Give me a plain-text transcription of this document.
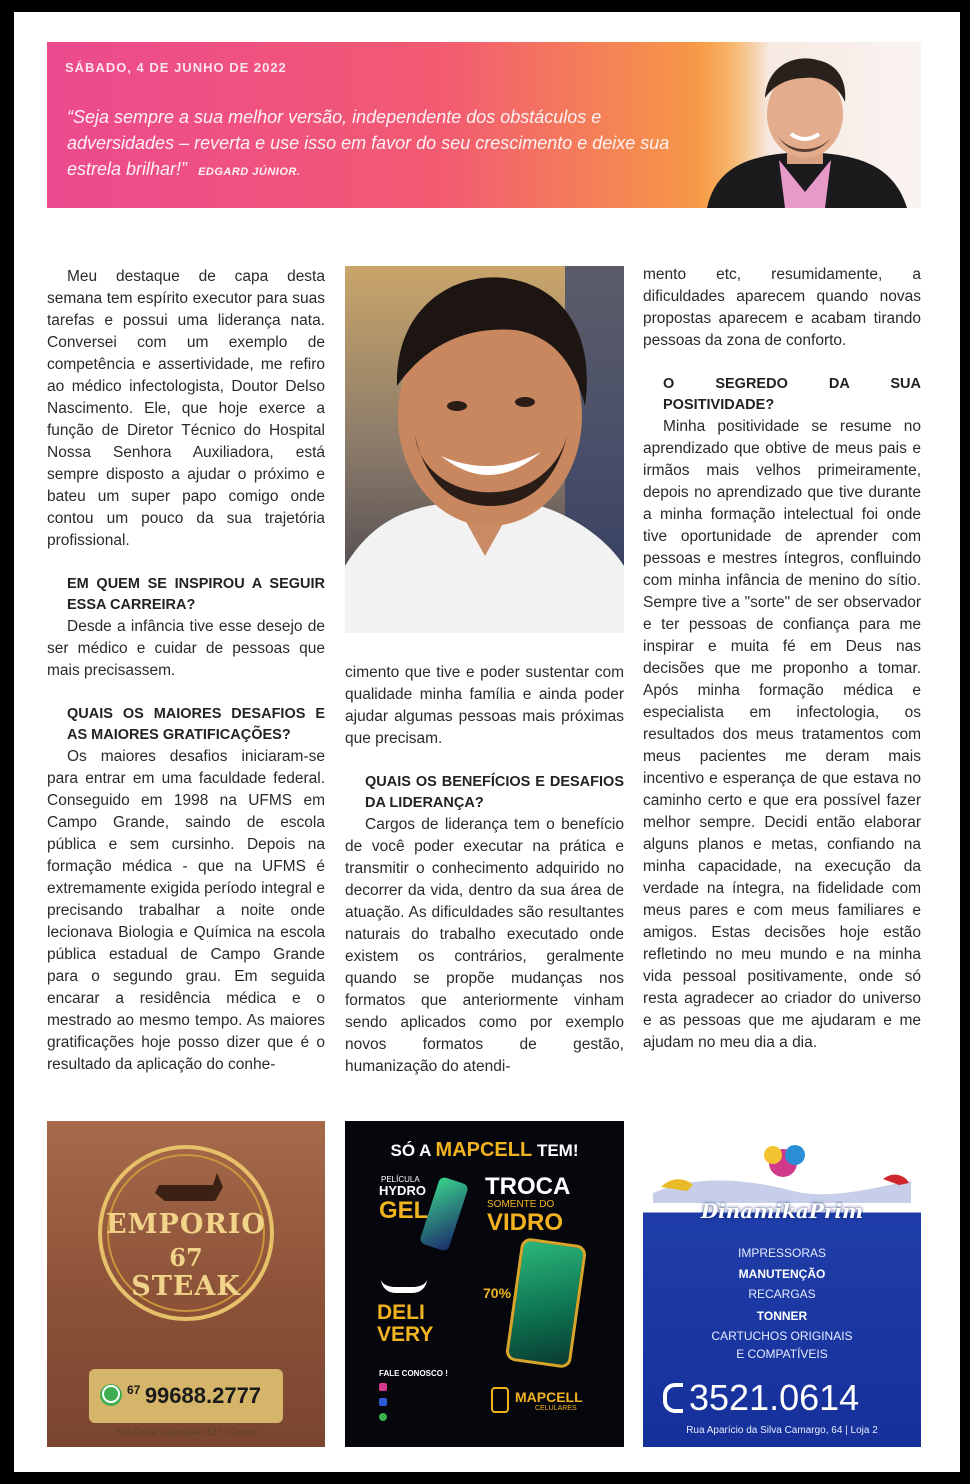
SÁBADO, 4 DE JUNHO DE 2022
“Seja sempre a sua melhor versão, independente dos obstáculos e adversidades – reverta e use isso em favor do seu crescimento e deixe sua estrela brilhar!” EDGARD JÚNIOR.

Meu destaque de capa desta semana tem espírito executor para suas tarefas e possui uma liderança nata. Conversei com um exemplo de competência e assertividade, me refiro ao médico infectologista, Doutor Delso Nascimento. Ele, que hoje exerce a função de Diretor Técnico do Hospital Nossa Senhora Auxiliadora, está sempre disposto a ajudar o próximo e bateu um super papo comigo onde contou um pouco da sua trajetória profissional.

EM QUEM SE INSPIROU A SEGUIR ESSA CARREIRA?

Desde a infância tive esse desejo de ser médico e cuidar de pessoas que mais precisassem.

QUAIS OS MAIORES DESAFIOS E AS MAIORES GRATIFICAÇÕES?

Os maiores desafios iniciaram-se para entrar em uma faculdade federal. Conseguido em 1998 na UFMS em Campo Grande, saindo de escola pública e sem cursinho. Depois na formação médica - que na UFMS é extremamente exigida período integral e precisando trabalhar a noite onde lecionava Biologia e Química na escola pública estadual de Campo Grande para o segundo grau. Em seguida encarar a residência médica e o mestrado ao mesmo tempo. As maiores gratificações hoje posso dizer que é o resultado da aplicação do conhe-

cimento que tive e poder sustentar com qualidade minha família e ainda poder ajudar algumas pessoas mais próximas que precisam.

QUAIS OS BENEFÍCIOS E DESAFIOS DA LIDERANÇA?

Cargos de liderança tem o benefício de você poder executar na prática e transmitir o conhecimento adquirido no decorrer da vida, dentro da sua área de atuação. As dificuldades são resultantes naturais do trabalho executado onde existem os contrários, geralmente quando se propõe mudanças nos formatos que anteriormente vinham sendo aplicados como por exemplo novos formatos de gestão, humanização do atendi-

mento etc, resumidamente, a dificuldades aparecem quando novas propostas aparecem e acabam tirando pessoas da zona de conforto.

O SEGREDO DA SUA POSITIVIDADE?

Minha positividade se resume no aprendizado que obtive de meus pais e irmãos mais velhos primeiramente, depois no aprendizado que tive durante a minha formação intelectual foi onde tive oportunidade de aprender com pessoas e mestres íntegros, confluindo com minha infância de menino do sítio. Sempre tive a "sorte" de ser observador e ter pessoas de confiança para me inspirar e muita fé em Deus nas decisões que me proponho a tomar. Após minha formação médica e especialista em infectologia, os resultados dos meus tratamentos com meus pacientes me deram mais incentivo e esperança de que estava no caminho certo e que era possível fazer melhor sempre. Decidi então elaborar alguns planos e metas, confiando na minha capacidade, na execução da verdade na íntegra, na fidelidade com meus pares e com meus familiares e amigos. Estas decisões hoje estão refletindo no meu mundo e na minha vida pessoal positivamente, onde só resta agradecer ao criador do universo e as pessoas que me ajudaram e me ajudam no meu dia a dia.

EMPORIO
67
STEAK
$^{67}$ 99688.2777
Rua Oscar Guimarães 517 | Centro
SÓ A MAPCELL TEM!
PELÍCULA
HYDRO
GEL
TROCA
SOMENTE DO
VIDRO
70%
DELI
VERY
FALE CONOSCO !
MAPCELL
CELULARES
DinamikaPrim
IMPRESSORAS
MANUTENÇÃO
RECARGAS
TONNER
CARTUCHOS ORIGINAIS
E COMPATÍVEIS
3521.0614
Rua Aparício da Silva Camargo, 64 | Loja 2
